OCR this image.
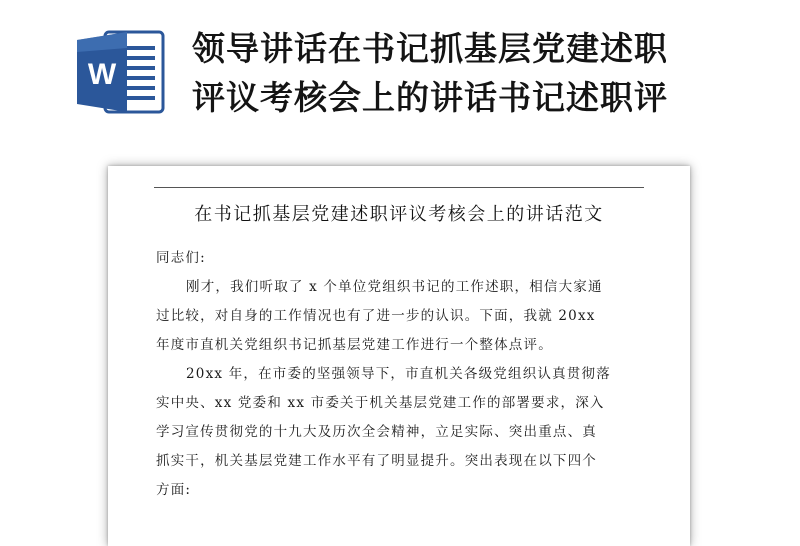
W
领导讲话在书记抓基层党建述职
评议考核会上的讲话书记述职评
在书记抓基层党建述职评议考核会上的讲话范文
同志们:
刚才，我们听取了 x 个单位党组织书记的工作述职，相信大家通
过比较，对自身的工作情况也有了进一步的认识。下面，我就 20xx
年度市直机关党组织书记抓基层党建工作进行一个整体点评。
20xx 年，在市委的坚强领导下，市直机关各级党组织认真贯彻落
实中央、xx 党委和 xx 市委关于机关基层党建工作的部署要求，深入
学习宣传贯彻党的十九大及历次全会精神，立足实际、突出重点、真
抓实干，机关基层党建工作水平有了明显提升。突出表现在以下四个
方面:
